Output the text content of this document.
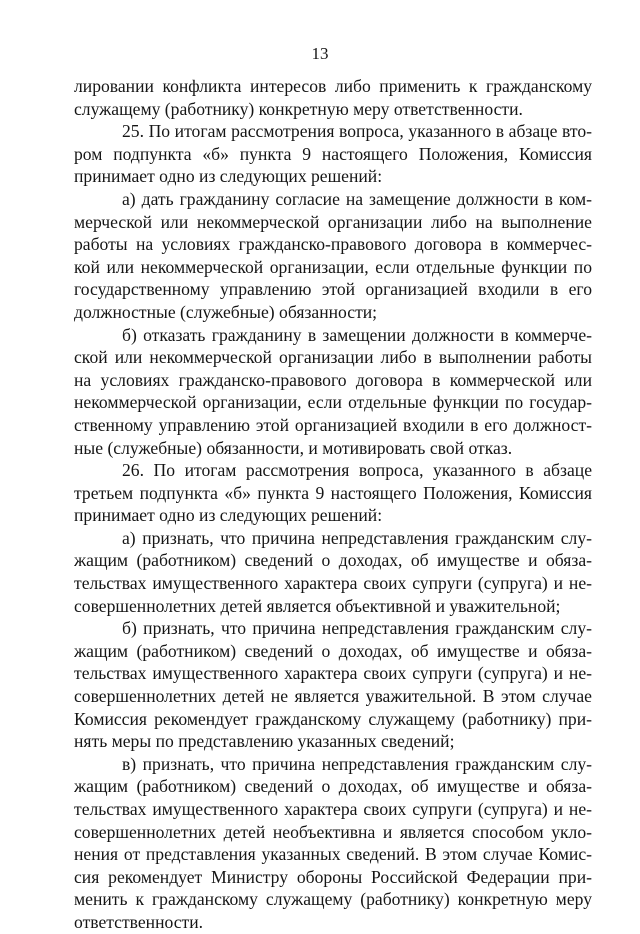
13
лировании конфликта интересов либо применить к гражданскому
служащему (работнику) конкретную меру ответственности.
25. По итогам рассмотрения вопроса, указанного в абзаце вто-
ром подпункта «б» пункта 9 настоящего Положения, Комиссия
принимает одно из следующих решений:
а) дать гражданину согласие на замещение должности в ком-
мерческой или некоммерческой организации либо на выполнение
работы на условиях гражданско-правового договора в коммерчес-
кой или некоммерческой организации, если отдельные функции по
государственному управлению этой организацией входили в его
должностные (служебные) обязанности;
б) отказать гражданину в замещении должности в коммерче-
ской или некоммерческой организации либо в выполнении работы
на условиях гражданско-правового договора в коммерческой или
некоммерческой организации, если отдельные функции по государ-
ственному управлению этой организацией входили в его должност-
ные (служебные) обязанности, и мотивировать свой отказ.
26. По итогам рассмотрения вопроса, указанного в абзаце
третьем подпункта «б» пункта 9 настоящего Положения, Комиссия
принимает одно из следующих решений:
а) признать, что причина непредставления гражданским слу-
жащим (работником) сведений о доходах, об имуществе и обяза-
тельствах имущественного характера своих супруги (супруга) и не-
совершеннолетних детей является объективной и уважительной;
б) признать, что причина непредставления гражданским слу-
жащим (работником) сведений о доходах, об имуществе и обяза-
тельствах имущественного характера своих супруги (супруга) и не-
совершеннолетних детей не является уважительной. В этом случае
Комиссия рекомендует гражданскому служащему (работнику) при-
нять меры по представлению указанных сведений;
в) признать, что причина непредставления гражданским слу-
жащим (работником) сведений о доходах, об имуществе и обяза-
тельствах имущественного характера своих супруги (супруга) и не-
совершеннолетних детей необъективна и является способом укло-
нения от представления указанных сведений. В этом случае Комис-
сия рекомендует Министру обороны Российской Федерации при-
менить к гражданскому служащему (работнику) конкретную меру
ответственности.
